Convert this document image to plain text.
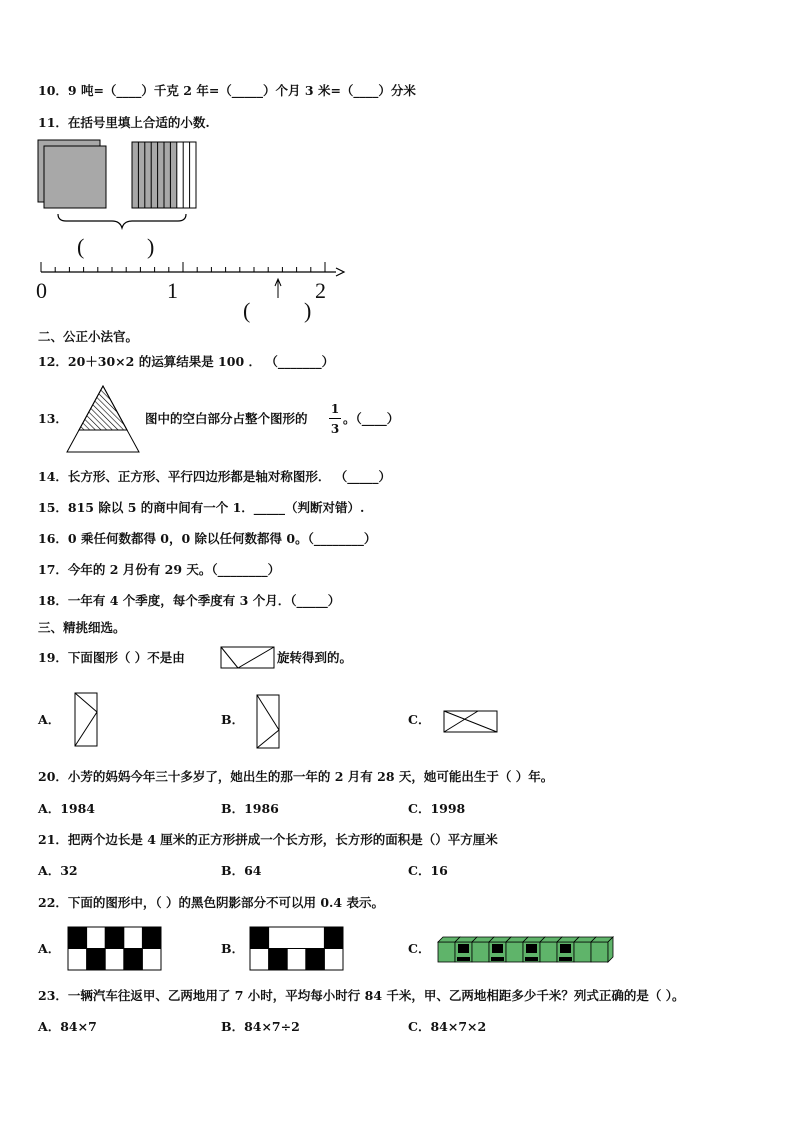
10．9 吨=（____）千克 2 年=（_____）个月 3 米=（____）分米
11．在括号里填上合适的小数.
(	)
0	1	2
( )
二、公正小法官。
12．20＋30×2 的运算结果是 100 ． （_______）
13．	图中的空白部分占整个图形的
1
3
。（____）
14．长方形、正方形、平行四边形都是轴对称图形． （_____）
15．815 除以 5 的商中间有一个 1．_____（判断对错）.
16．0 乘任何数都得 0，0 除以任何数都得 0。（________）
17．今年的 2 月份有 29 天。（________）
18．一年有 4 个季度，每个季度有 3 个月．（_____）
三、精挑细选。
19．下面图形（ ）不是由	旋转得到的。
A．	B．	C．
20．小芳的妈妈今年三十多岁了，她出生的那一年的 2 月有 28 天，她可能出生于（ ）年。
A．1984	B．1986	C．1998
21．把两个边长是 4 厘米的正方形拼成一个长方形，长方形的面积是（）平方厘米
A．32	B．64	C．16
22．下面的图形中，（ ）的黑色阴影部分不可以用 0.4 表示。
A．	B．	C．
23．一辆汽车往返甲、乙两地用了 7 小时，平均每小时行 84 千米，甲、乙两地相距多少千米？列式正确的是（ ）。
A．84×7	B．84×7÷2	C．84×7×2
